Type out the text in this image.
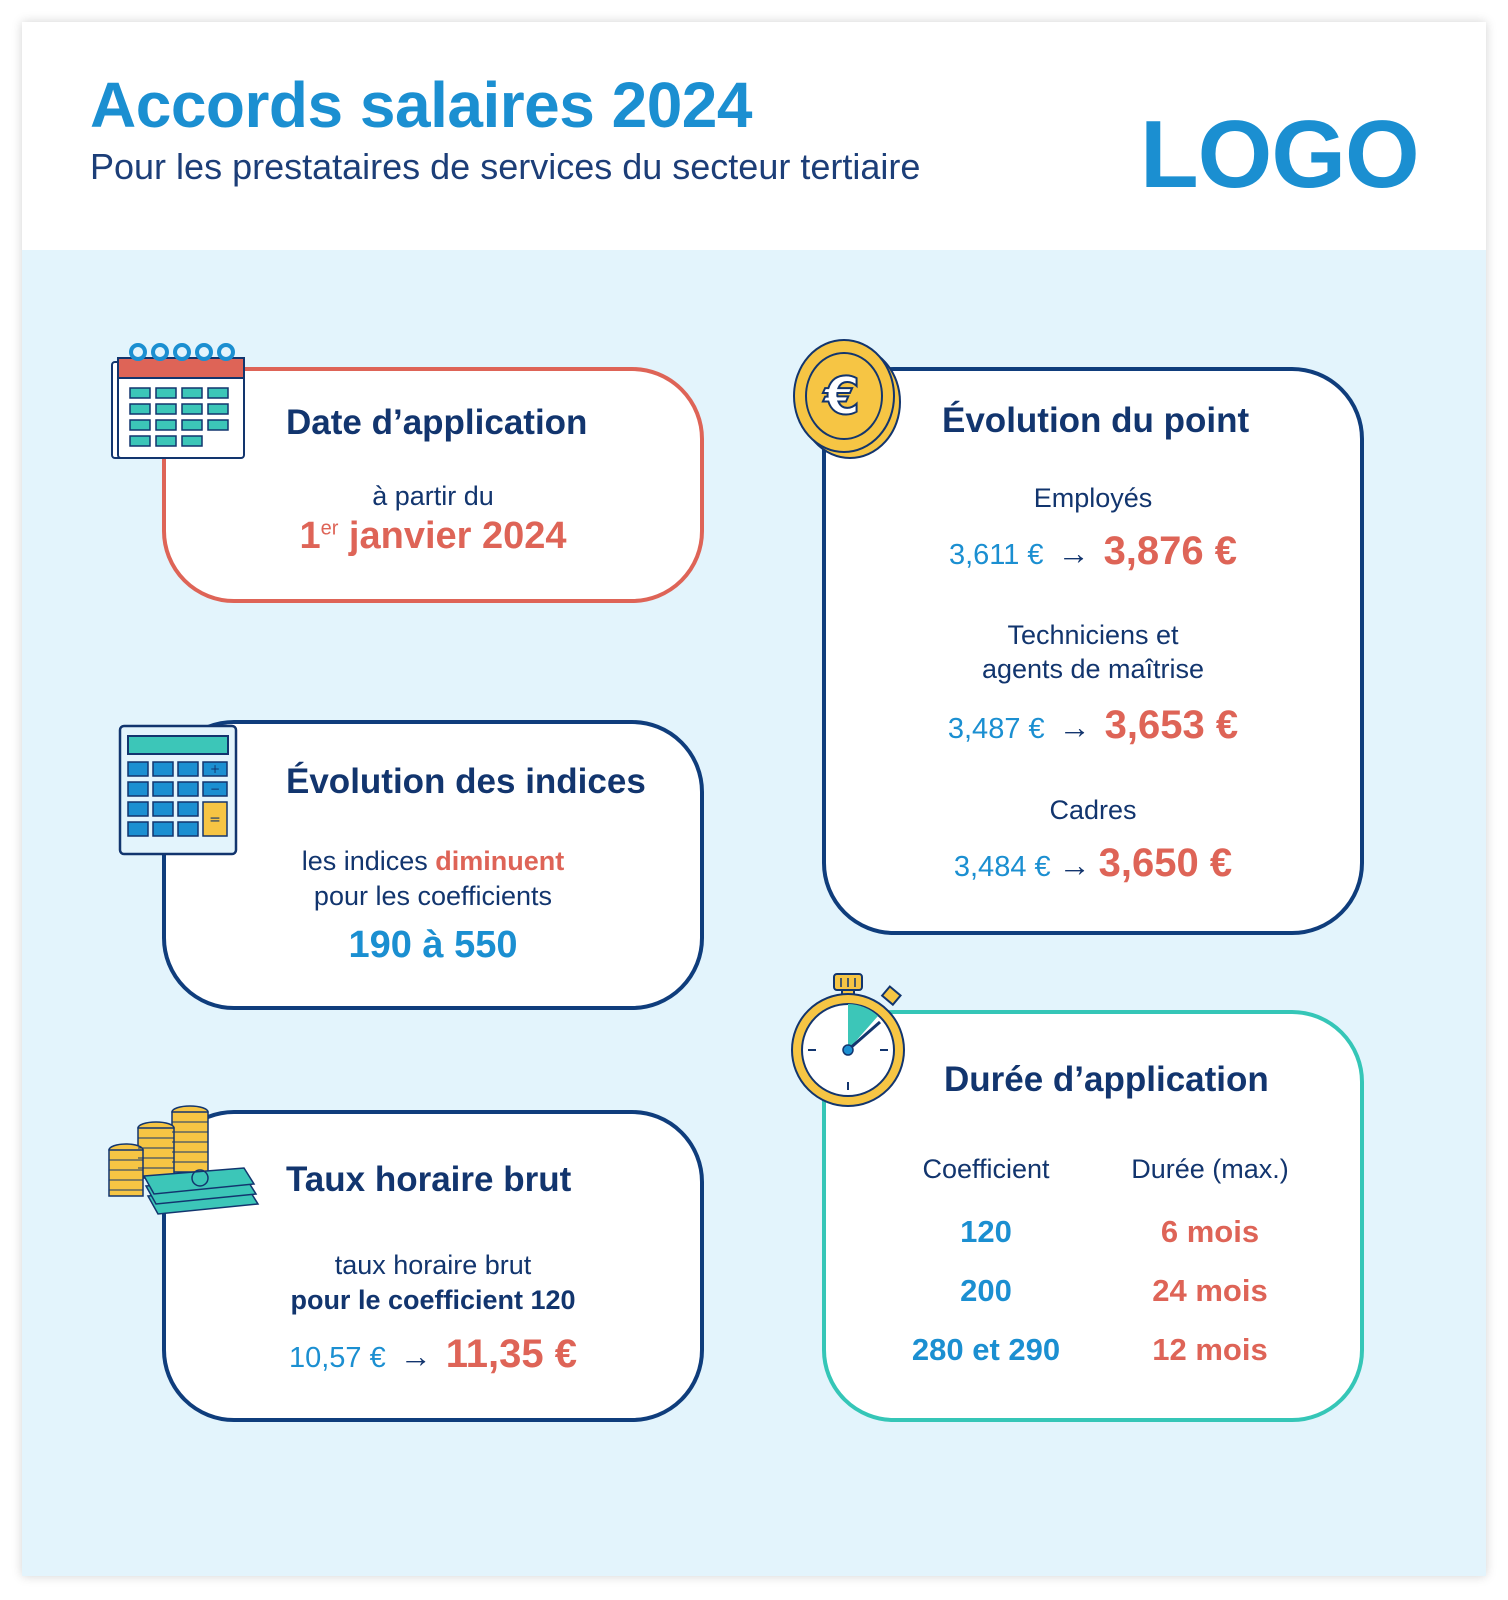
Accords salaires 2024
Pour les prestataires de services du secteur tertiaire LOGO
Date d’application
à partir du
1er janvier 2024
Évolution des indices
les indices diminuent
pour les coefficients
190 à 550
+
−
=
Taux horaire brut
taux horaire brut
pour le coefficient 120
10,57 € → 11,35 €
Évolution du point
Employés
3,611 € → 3,876 €
Techniciens et
agents de maîtrise
3,487 € → 3,653 €
Cadres
3,484 € → 3,650 €
€
Durée d’application
Coefficient	Durée (max.)
120	6 mois
200	24 mois
280 et 290	12 mois
